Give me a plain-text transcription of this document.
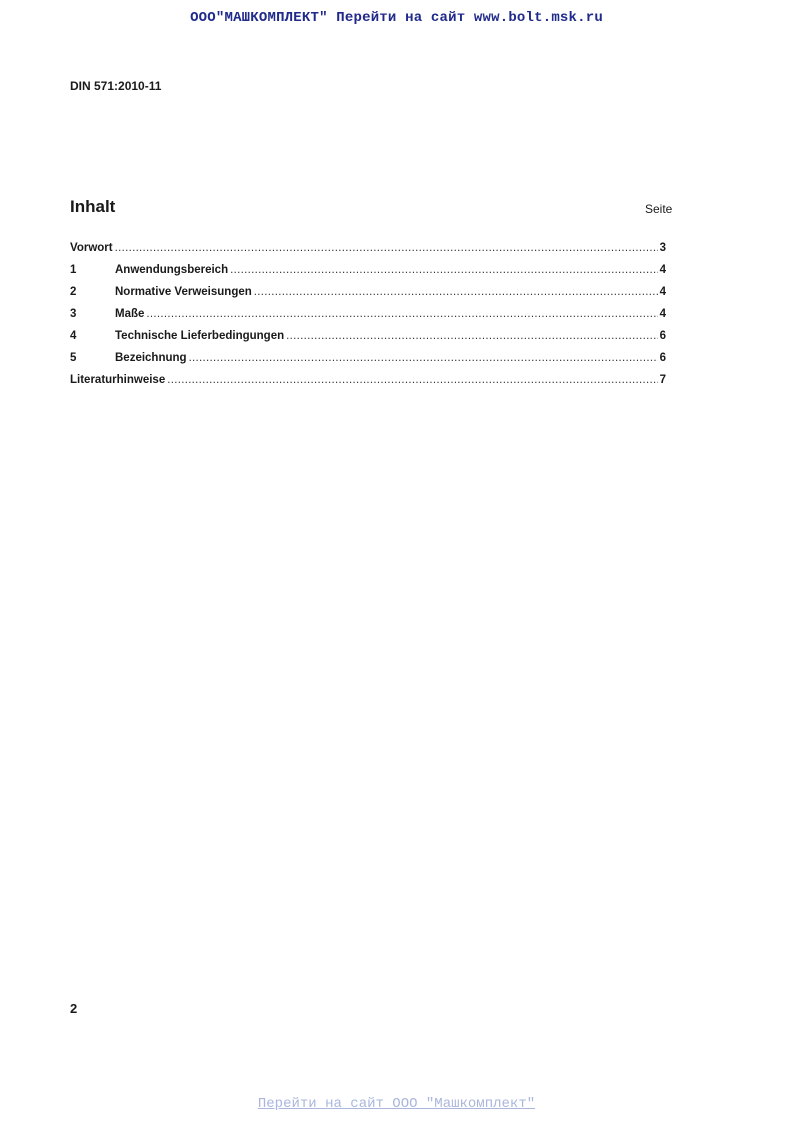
ООО"МАШКОМПЛЕКТ" Перейти на сайт www.bolt.msk.ru
DIN 571:2010-11
Inhalt	Seite
Vorwort .....	3
1	Anwendungsbereich .....	4
2	Normative Verweisungen .....	4
3	Maße .....	4
4	Technische Lieferbedingungen .....	6
5	Bezeichnung .....	6
Literaturhinweise .....	7
2
Перейти на сайт ООО "Машкомплект"
